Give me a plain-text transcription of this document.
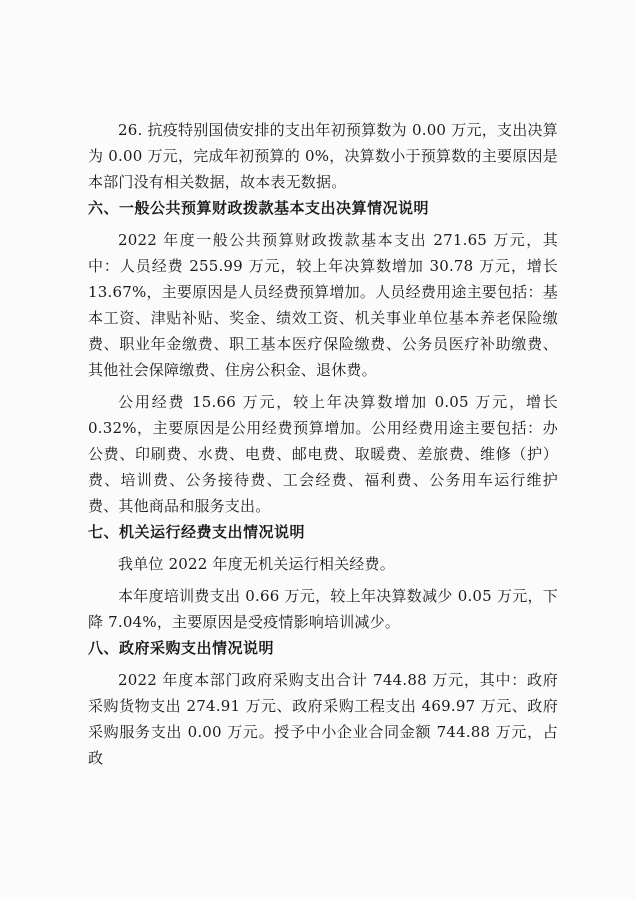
26. 抗疫特别国债安排的支出年初预算数为 0.00 万元，支出决算为 0.00 万元，完成年初预算的 0%，决算数小于预算数的主要原因是本部门没有相关数据，故本表无数据。

六、一般公共预算财政拨款基本支出决算情况说明

2022 年度一般公共预算财政拨款基本支出 271.65 万元，其中：人员经费 255.99 万元，较上年决算数增加 30.78 万元，增长 13.67%，主要原因是人员经费预算增加。人员经费用途主要包括：基本工资、津贴补贴、奖金、绩效工资、机关事业单位基本养老保险缴费、职业年金缴费、职工基本医疗保险缴费、公务员医疗补助缴费、其他社会保障缴费、住房公积金、退休费。

公用经费 15.66 万元，较上年决算数增加 0.05 万元，增长 0.32%，主要原因是公用经费预算增加。公用经费用途主要包括：办公费、印刷费、水费、电费、邮电费、取暖费、差旅费、维修（护）费、培训费、公务接待费、工会经费、福利费、公务用车运行维护费、其他商品和服务支出。

七、机关运行经费支出情况说明

我单位 2022 年度无机关运行相关经费。

本年度培训费支出 0.66 万元，较上年决算数减少 0.05 万元，下降 7.04%，主要原因是受疫情影响培训减少。

八、政府采购支出情况说明

2022 年度本部门政府采购支出合计 744.88 万元，其中：政府采购货物支出 274.91 万元、政府采购工程支出 469.97 万元、政府采购服务支出 0.00 万元。授予中小企业合同金额 744.88 万元，占政
